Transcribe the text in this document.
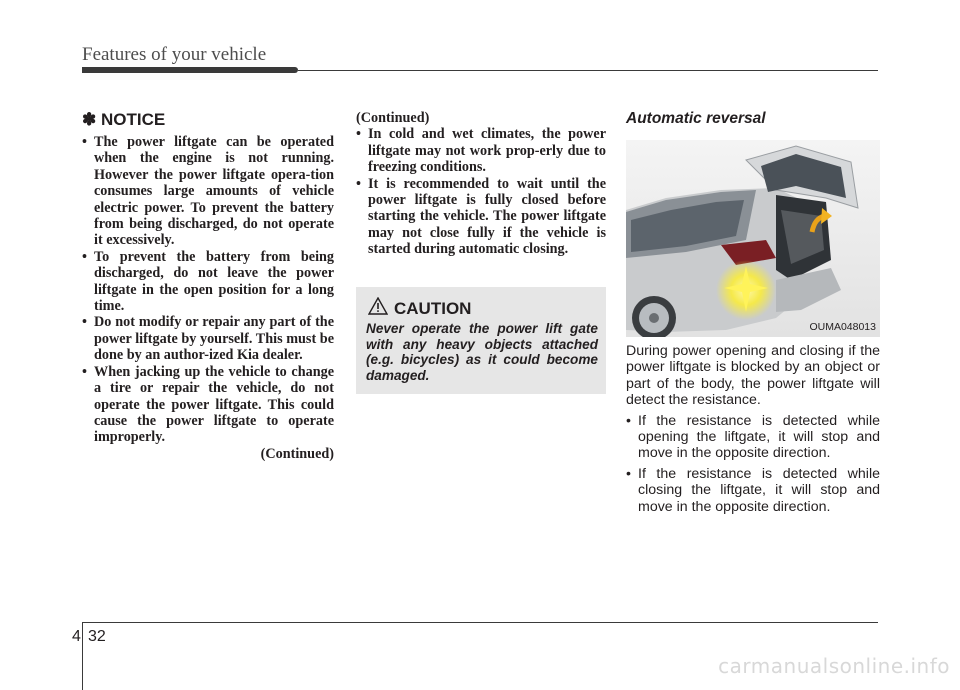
Features of your vehicle
✽ NOTICE
• The power liftgate can be operated when the engine is not running. However the power liftgate opera-tion consumes large amounts of vehicle electric power. To prevent the battery from being discharged, do not operate it excessively.
• To prevent the battery from being discharged, do not leave the power liftgate in the open position for a long time.
• Do not modify or repair any part of the power liftgate by yourself. This must be done by an author-ized Kia dealer.
• When jacking up the vehicle to change a tire or repair the vehicle, do not operate the power liftgate. This could cause the power liftgate to operate improperly.
(Continued)
(Continued)
• In cold and wet climates, the power liftgate may not work prop-erly due to freezing conditions.
• It is recommended to wait until the power liftgate is fully closed before starting the vehicle. The power liftgate may not close fully if the vehicle is started during automatic closing.
CAUTION
Never operate the power lift gate with any heavy objects attached (e.g. bicycles) as it could become damaged.
Automatic reversal
OUMA048013

During power opening and closing if the power liftgate is blocked by an object or part of the body, the power liftgate will detect the resistance.

• If the resistance is detected while opening the liftgate, it will stop and move in the opposite direction.
• If the resistance is detected while closing the liftgate, it will stop and move in the opposite direction.
4 32
carmanualsonline.info
